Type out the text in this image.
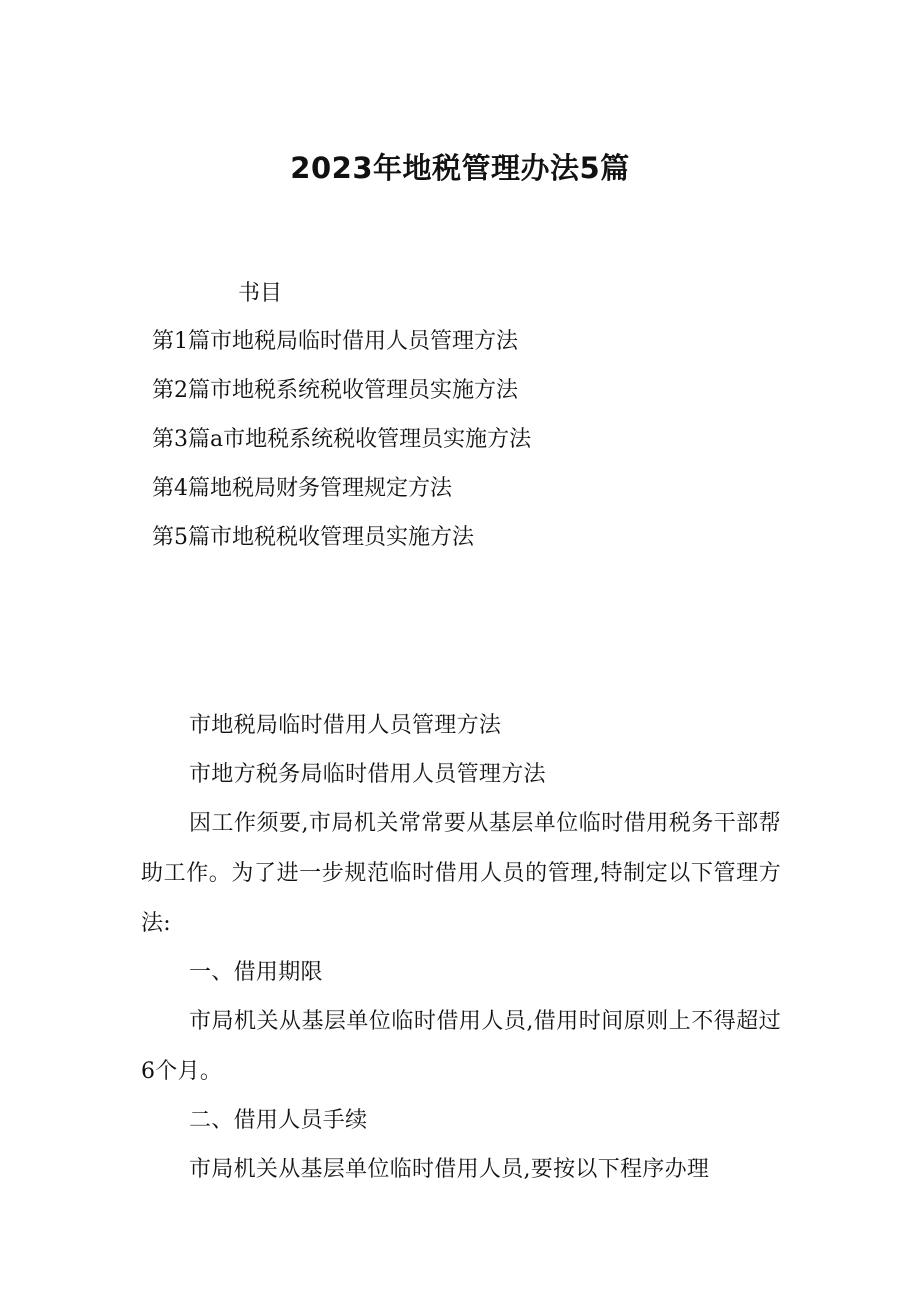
2023年地税管理办法5篇
书目
第1篇市地税局临时借用人员管理方法
第2篇市地税系统税收管理员实施方法
第3篇a市地税系统税收管理员实施方法
第4篇地税局财务管理规定方法
第5篇市地税税收管理员实施方法

市地税局临时借用人员管理方法

市地方税务局临时借用人员管理方法

因工作须要,市局机关常常要从基层单位临时借用税务干部帮助工作。为了进一步规范临时借用人员的管理,特制定以下管理方法:

一、借用期限

市局机关从基层单位临时借用人员,借用时间原则上不得超过6个月。

二、借用人员手续

市局机关从基层单位临时借用人员,要按以下程序办理
